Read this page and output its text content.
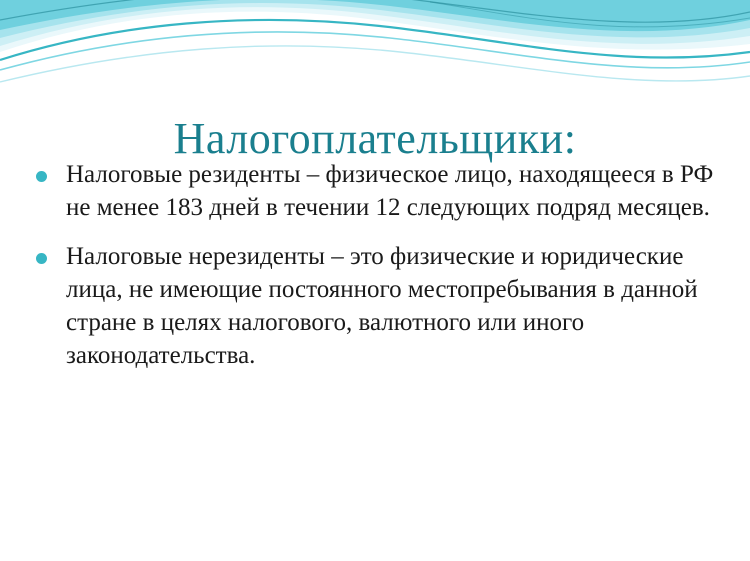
Налогоплательщики:
Налоговые резиденты – физическое лицо, находящееся в РФ не менее 183 дней в течении 12 следующих подряд месяцев.
Налоговые нерезиденты – это физические и юридические лица, не имеющие постоянного местопребывания в данной стране в целях налогового, валютного или иного законодательства.
